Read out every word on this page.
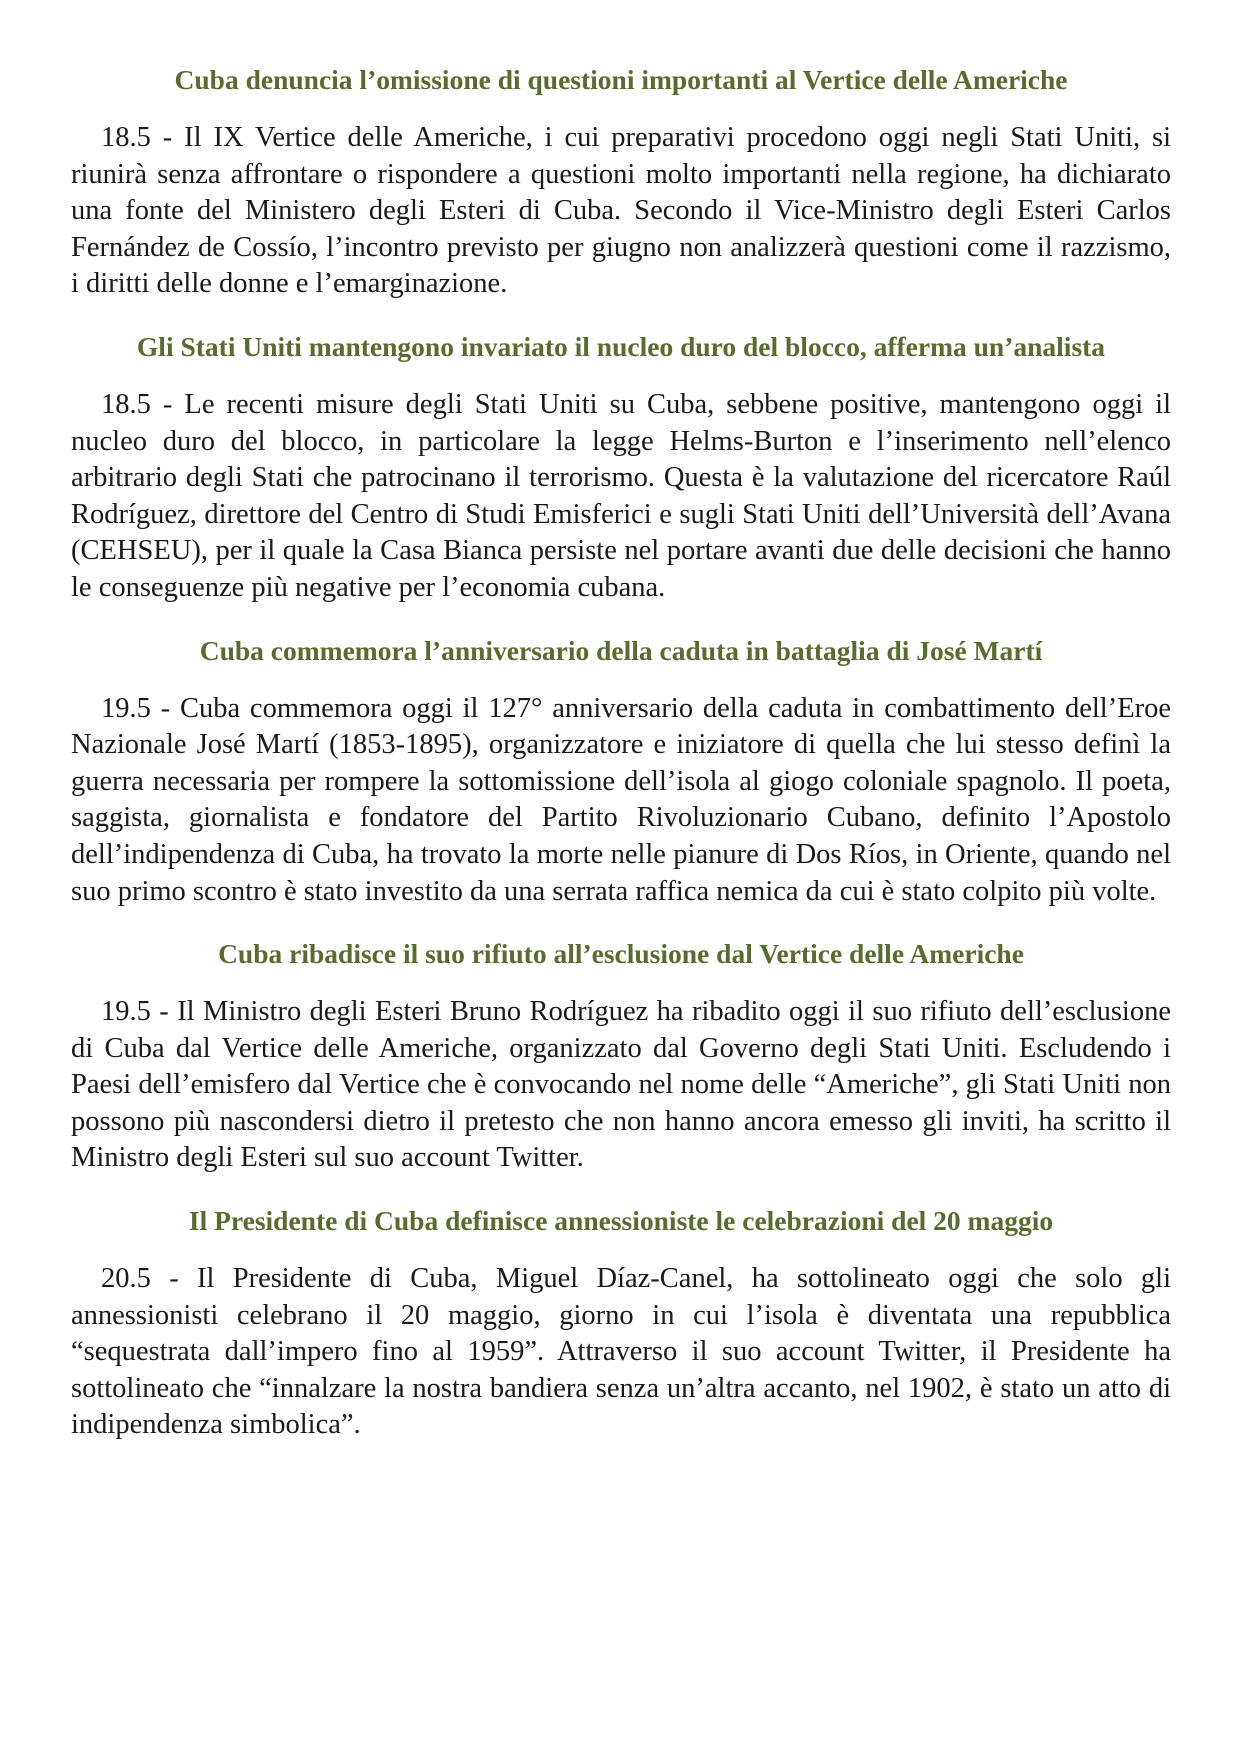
Cuba denuncia l’omissione di questioni importanti al Vertice delle Americhe

18.5 - Il IX Vertice delle Americhe, i cui preparativi procedono oggi negli Stati Uniti, si riunirà senza affrontare o rispondere a questioni molto importanti nella regione, ha dichiarato una fonte del Ministero degli Esteri di Cuba. Secondo il Vice-Ministro degli Esteri Carlos Fernández de Cossío, l’incontro previsto per giugno non analizzerà questioni come il razzismo, i diritti delle donne e l’emarginazione.

Gli Stati Uniti mantengono invariato il nucleo duro del blocco, afferma un’analista

18.5 - Le recenti misure degli Stati Uniti su Cuba, sebbene positive, mantengono oggi il nucleo duro del blocco, in particolare la legge Helms-Burton e l’inserimento nell’elenco arbitrario degli Stati che patrocinano il terrorismo. Questa è la valutazione del ricercatore Raúl Rodríguez, direttore del Centro di Studi Emisferici e sugli Stati Uniti dell’Università dell’Avana (CEHSEU), per il quale la Casa Bianca persiste nel portare avanti due delle decisioni che hanno le conseguenze più negative per l’economia cubana.

Cuba commemora l’anniversario della caduta in battaglia di José Martí

19.5 - Cuba commemora oggi il 127° anniversario della caduta in combattimento dell’Eroe Nazionale José Martí (1853-1895), organizzatore e iniziatore di quella che lui stesso definì la guerra necessaria per rompere la sottomissione dell’isola al giogo coloniale spagnolo. Il poeta, saggista, giornalista e fondatore del Partito Rivoluzionario Cubano, definito l’Apostolo dell’indipendenza di Cuba, ha trovato la morte nelle pianure di Dos Ríos, in Oriente, quando nel suo primo scontro è stato investito da una serrata raffica nemica da cui è stato colpito più volte.

Cuba ribadisce il suo rifiuto all’esclusione dal Vertice delle Americhe

19.5 - Il Ministro degli Esteri Bruno Rodríguez ha ribadito oggi il suo rifiuto dell’esclusione di Cuba dal Vertice delle Americhe, organizzato dal Governo degli Stati Uniti. Escludendo i Paesi dell’emisfero dal Vertice che è convocando nel nome delle “Americhe”, gli Stati Uniti non possono più nascondersi dietro il pretesto che non hanno ancora emesso gli inviti, ha scritto il Ministro degli Esteri sul suo account Twitter.

Il Presidente di Cuba definisce annessioniste le celebrazioni del 20 maggio

20.5 - Il Presidente di Cuba, Miguel Díaz-Canel, ha sottolineato oggi che solo gli annessionisti celebrano il 20 maggio, giorno in cui l’isola è diventata una repubblica “sequestrata dall’impero fino al 1959”. Attraverso il suo account Twitter, il Presidente ha sottolineato che “innalzare la nostra bandiera senza un’altra accanto, nel 1902, è stato un atto di indipendenza simbolica”.
